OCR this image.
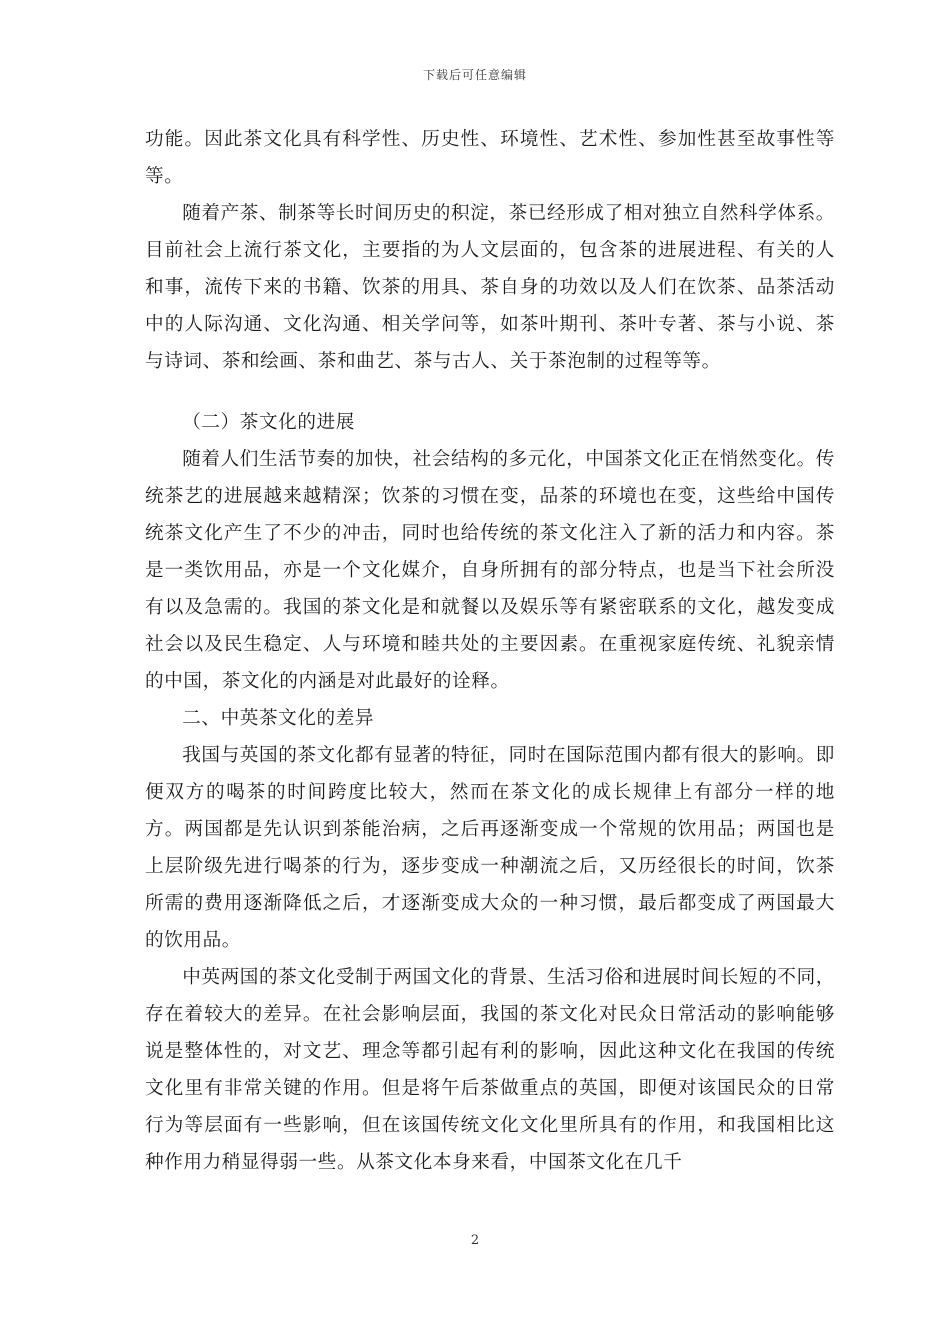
下载后可任意编辑

功能。因此茶文化具有科学性、历史性、环境性、艺术性、参加性甚至故事性等等。

随着产茶、制茶等长时间历史的积淀，茶已经形成了相对独立自然科学体系。目前社会上流行茶文化，主要指的为人文层面的，包含茶的进展进程、有关的人和事，流传下来的书籍、饮茶的用具、茶自身的功效以及人们在饮茶、品茶活动中的人际沟通、文化沟通、相关学问等，如茶叶期刊、茶叶专著、茶与小说、茶与诗词、茶和绘画、茶和曲艺、茶与古人、关于茶泡制的过程等等。

（二）茶文化的进展

随着人们生活节奏的加快，社会结构的多元化，中国茶文化正在悄然变化。传统茶艺的进展越来越精深；饮茶的习惯在变，品茶的环境也在变，这些给中国传统茶文化产生了不少的冲击，同时也给传统的茶文化注入了新的活力和内容。茶是一类饮用品，亦是一个文化媒介，自身所拥有的部分特点，也是当下社会所没有以及急需的。我国的茶文化是和就餐以及娱乐等有紧密联系的文化，越发变成社会以及民生稳定、人与环境和睦共处的主要因素。在重视家庭传统、礼貌亲情的中国，茶文化的内涵是对此最好的诠释。

二、中英茶文化的差异

我国与英国的茶文化都有显著的特征，同时在国际范围内都有很大的影响。即便双方的喝茶的时间跨度比较大，然而在茶文化的成长规律上有部分一样的地方。两国都是先认识到茶能治病，之后再逐渐变成一个常规的饮用品；两国也是上层阶级先进行喝茶的行为，逐步变成一种潮流之后，又历经很长的时间，饮茶所需的费用逐渐降低之后，才逐渐变成大众的一种习惯，最后都变成了两国最大的饮用品。

中英两国的茶文化受制于两国文化的背景、生活习俗和进展时间长短的不同，存在着较大的差异。在社会影响层面，我国的茶文化对民众日常活动的影响能够说是整体性的，对文艺、理念等都引起有利的影响，因此这种文化在我国的传统文化里有非常关键的作用。但是将午后茶做重点的英国，即便对该国民众的日常行为等层面有一些影响，但在该国传统文化文化里所具有的作用，和我国相比这种作用力稍显得弱一些。从茶文化本身来看，中国茶文化在几千

2
